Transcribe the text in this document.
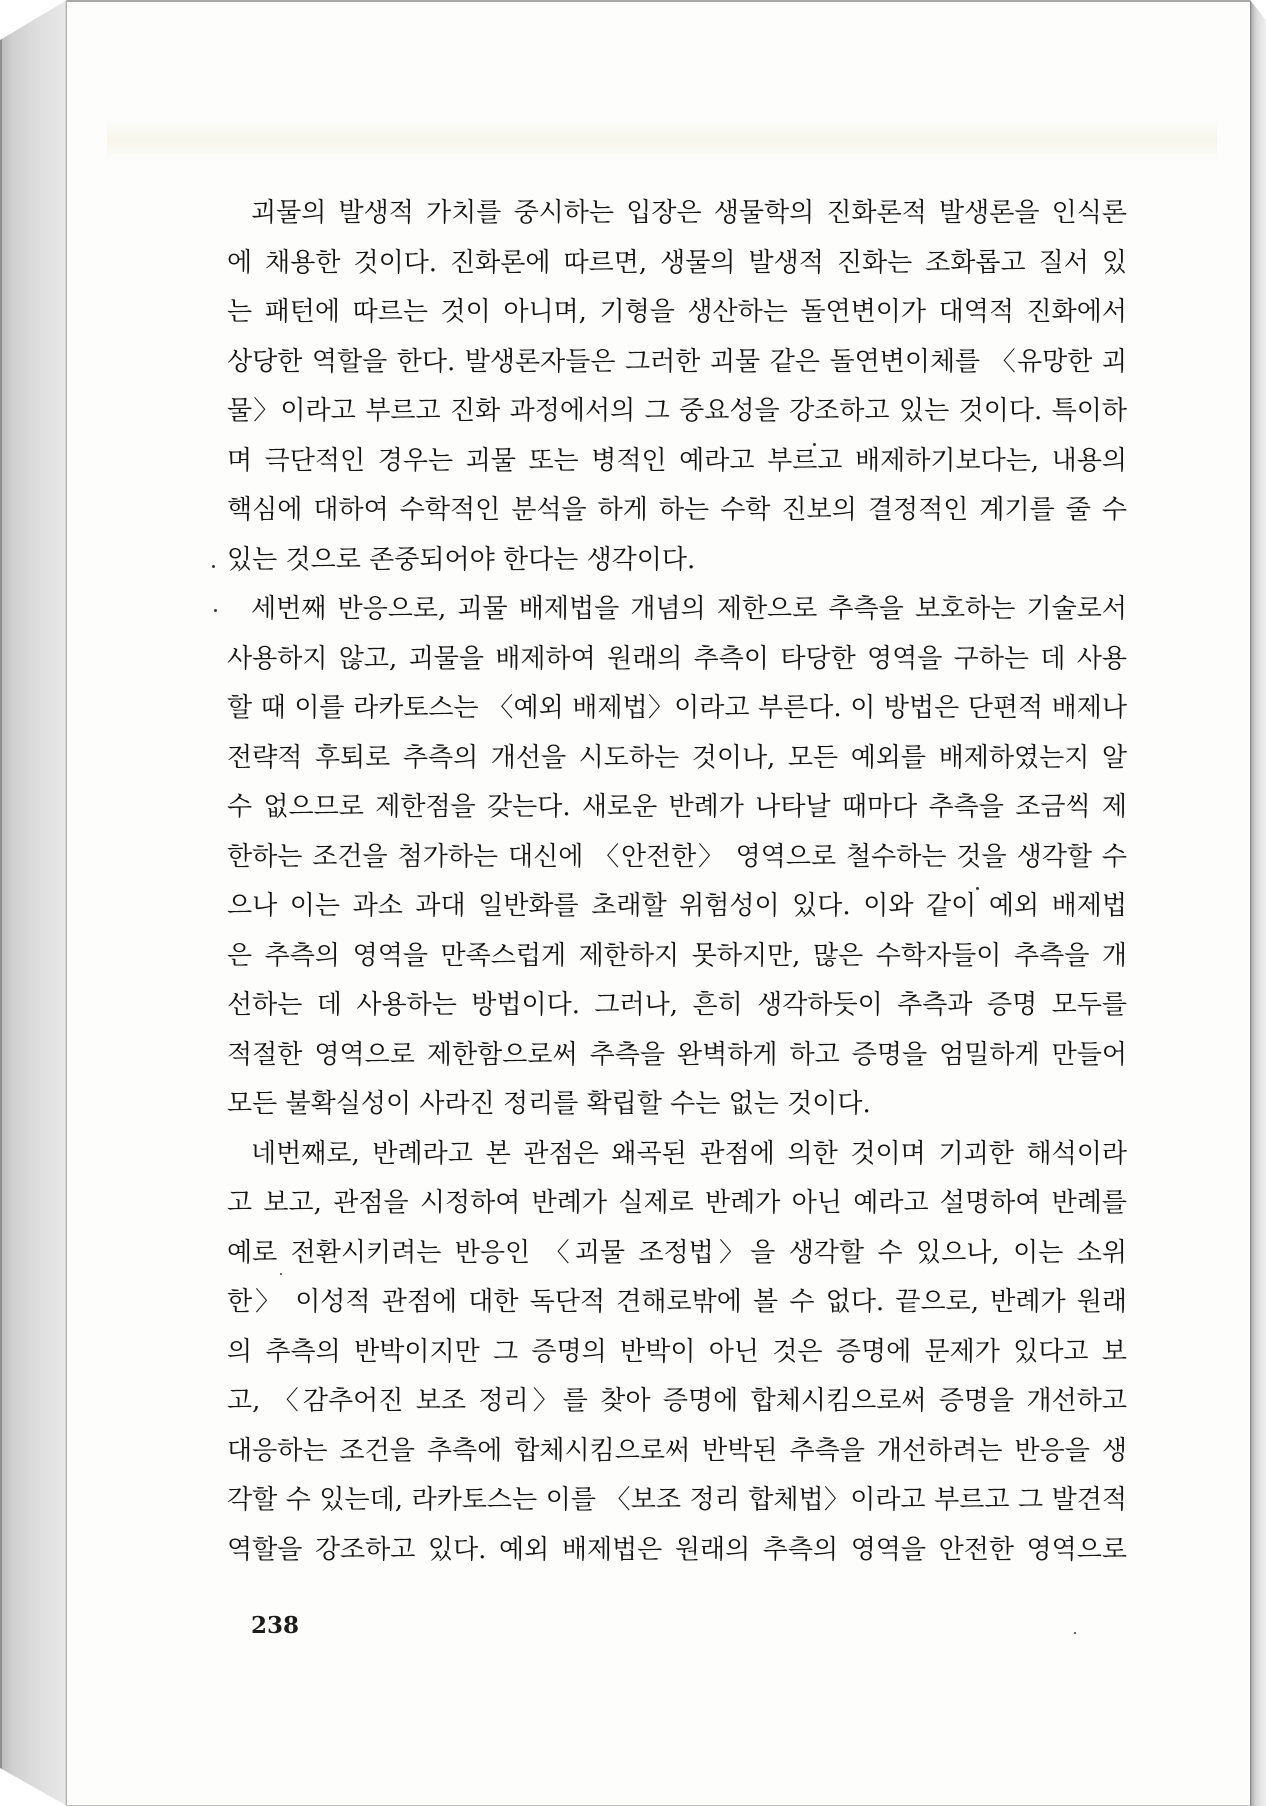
괴물의 발생적 가치를 중시하는 입장은 생물학의 진화론적 발생론을 인식론
에 채용한 것이다. 진화론에 따르면, 생물의 발생적 진화는 조화롭고 질서 있
는 패턴에 따르는 것이 아니며, 기형을 생산하는 돌연변이가 대역적 진화에서
상당한 역할을 한다. 발생론자들은 그러한 괴물 같은 돌연변이체를 〈유망한 괴
물〉이라고 부르고 진화 과정에서의 그 중요성을 강조하고 있는 것이다. 특이하
며 극단적인 경우는 괴물 또는 병적인 예라고 부르고 배제하기보다는, 내용의
핵심에 대하여 수학적인 분석을 하게 하는 수학 진보의 결정적인 계기를 줄 수
있는 것으로 존중되어야 한다는 생각이다.
세번째 반응으로, 괴물 배제법을 개념의 제한으로 추측을 보호하는 기술로서
사용하지 않고, 괴물을 배제하여 원래의 추측이 타당한 영역을 구하는 데 사용
할 때 이를 라카토스는 〈예외 배제법〉이라고 부른다. 이 방법은 단편적 배제나
전략적 후퇴로 추측의 개선을 시도하는 것이나, 모든 예외를 배제하였는지 알
수 없으므로 제한점을 갖는다. 새로운 반례가 나타날 때마다 추측을 조금씩 제
한하는 조건을 첨가하는 대신에 〈안전한〉 영역으로 철수하는 것을 생각할 수
으나 이는 과소 과대 일반화를 초래할 위험성이 있다. 이와 같이 예외 배제법
은 추측의 영역을 만족스럽게 제한하지 못하지만, 많은 수학자들이 추측을 개
선하는 데 사용하는 방법이다. 그러나, 흔히 생각하듯이 추측과 증명 모두를
적절한 영역으로 제한함으로써 추측을 완벽하게 하고 증명을 엄밀하게 만들어
모든 불확실성이 사라진 정리를 확립할 수는 없는 것이다.
네번째로, 반례라고 본 관점은 왜곡된 관점에 의한 것이며 기괴한 해석이라
고 보고, 관점을 시정하여 반례가 실제로 반례가 아닌 예라고 설명하여 반례를
예로 전환시키려는 반응인 〈괴물 조정법〉을 생각할 수 있으나, 이는 소위
한〉 이성적 관점에 대한 독단적 견해로밖에 볼 수 없다. 끝으로, 반례가 원래
의 추측의 반박이지만 그 증명의 반박이 아닌 것은 증명에 문제가 있다고 보
고, 〈감추어진 보조 정리〉를 찾아 증명에 합체시킴으로써 증명을 개선하고
대응하는 조건을 추측에 합체시킴으로써 반박된 추측을 개선하려는 반응을 생
각할 수 있는데, 라카토스는 이를 〈보조 정리 합체법〉이라고 부르고 그 발견적
역할을 강조하고 있다. 예외 배제법은 원래의 추측의 영역을 안전한 영역으로
238
